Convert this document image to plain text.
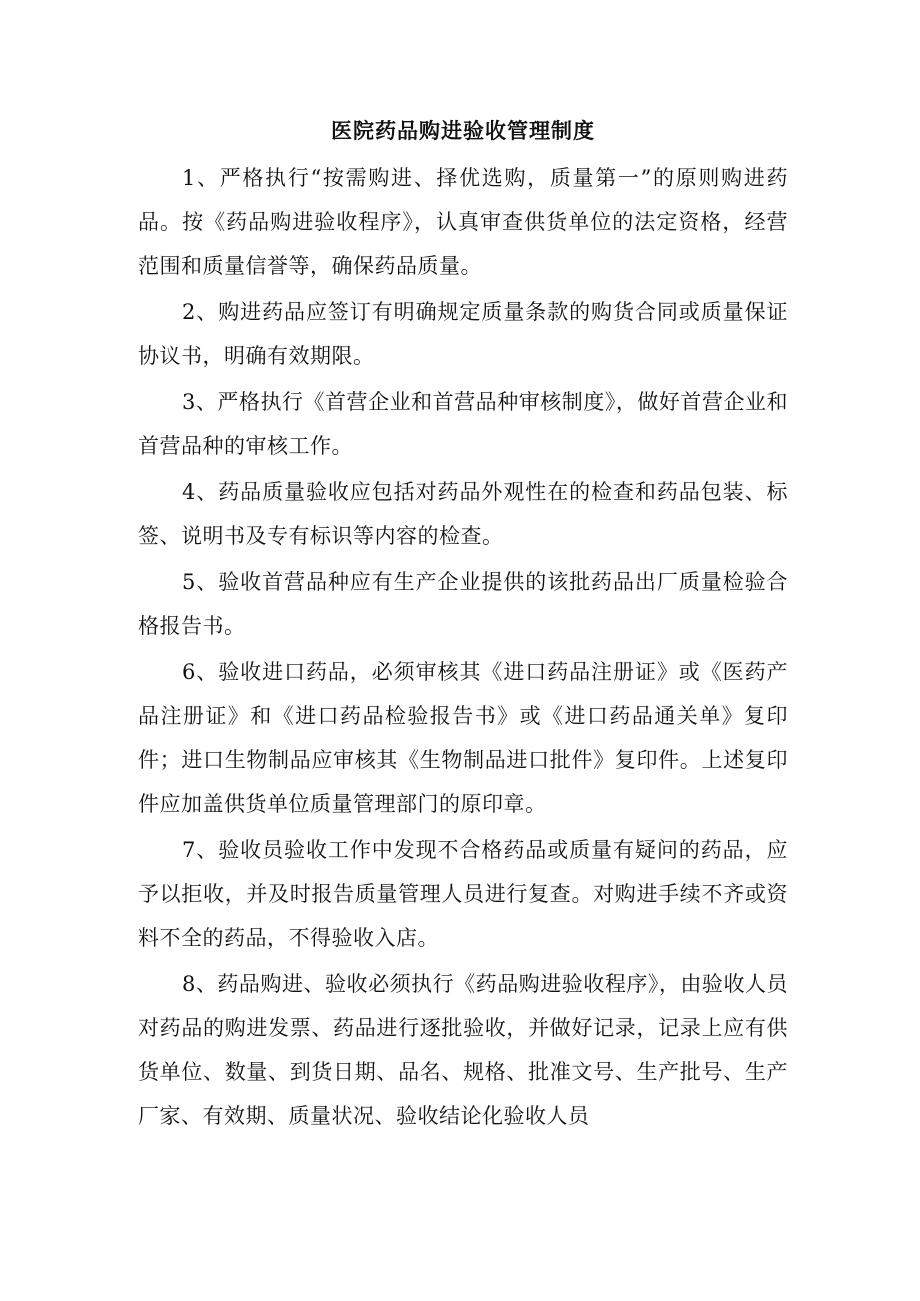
医院药品购进验收管理制度

1、严格执行“按需购进、择优选购，质量第一”的原则购进药品。按《药品购进验收程序》，认真审查供货单位的法定资格，经营范围和质量信誉等，确保药品质量。

2、购进药品应签订有明确规定质量条款的购货合同或质量保证协议书，明确有效期限。

3、严格执行《首营企业和首营品种审核制度》，做好首营企业和首营品种的审核工作。

4、药品质量验收应包括对药品外观性在的检查和药品包装、标签、说明书及专有标识等内容的检查。

5、验收首营品种应有生产企业提供的该批药品出厂质量检验合格报告书。

6、验收进口药品，必须审核其《进口药品注册证》或《医药产品注册证》和《进口药品检验报告书》或《进口药品通关单》复印件；进口生物制品应审核其《生物制品进口批件》复印件。上述复印件应加盖供货单位质量管理部门的原印章。

7、验收员验收工作中发现不合格药品或质量有疑问的药品，应予以拒收，并及时报告质量管理人员进行复查。对购进手续不齐或资料不全的药品，不得验收入店。

8、药品购进、验收必须执行《药品购进验收程序》，由验收人员对药品的购进发票、药品进行逐批验收，并做好记录，记录上应有供货单位、数量、到货日期、品名、规格、批准文号、生产批号、生产厂家、有效期、质量状况、验收结论化验收人员
